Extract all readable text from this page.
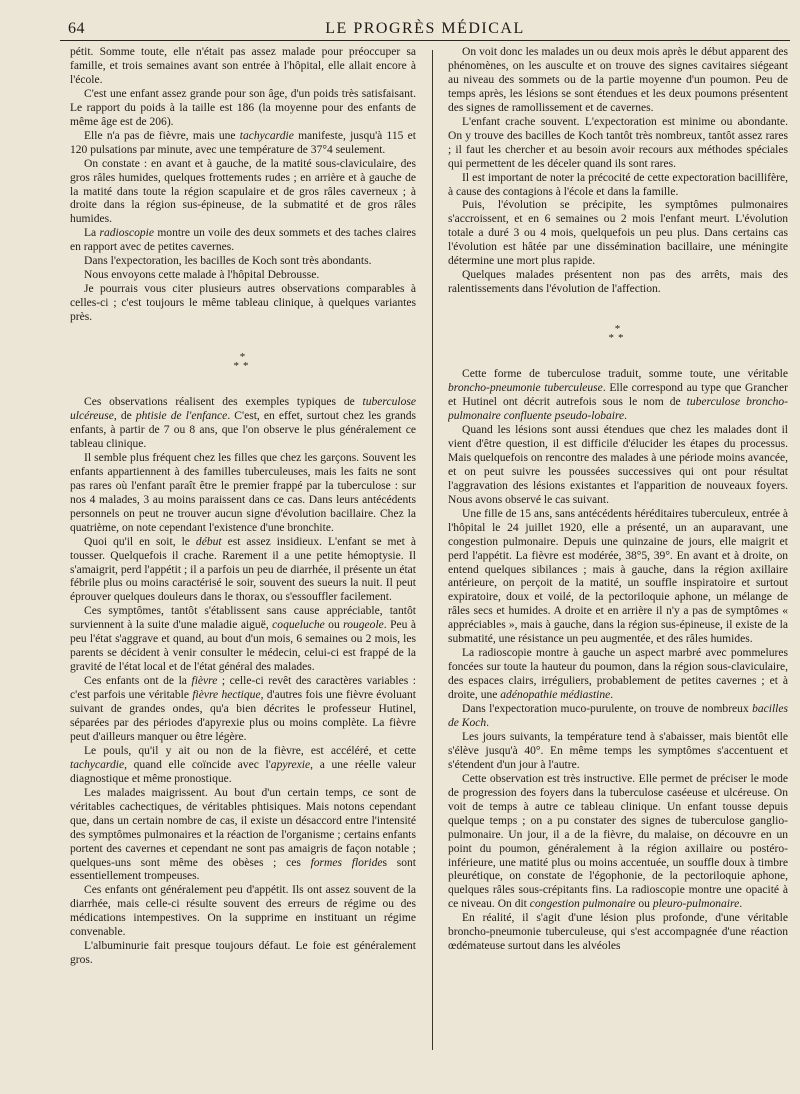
64	LE PROGRÈS MÉDICAL

pétit. Somme toute, elle n'était pas assez malade pour préoccuper sa famille, et trois semaines avant son entrée à l'hôpital, elle allait encore à l'école.

C'est une enfant assez grande pour son âge, d'un poids très satisfaisant. Le rapport du poids à la taille est 186 (la moyenne pour des enfants de même âge est de 206).

Elle n'a pas de fièvre, mais une tachycardie manifeste, jusqu'à 115 et 120 pulsations par minute, avec une température de 37°4 seulement.

On constate : en avant et à gauche, de la matité sous-claviculaire, des gros râles humides, quelques frottements rudes ; en arrière et à gauche de la matité dans toute la région scapulaire et de gros râles caverneux ; à droite dans la région sus-épineuse, de la submatité et de gros râles humides.

La radioscopie montre un voile des deux sommets et des taches claires en rapport avec de petites cavernes.

Dans l'expectoration, les bacilles de Koch sont très abondants.

Nous envoyons cette malade à l'hôpital Debrousse.

Je pourrais vous citer plusieurs autres observations comparables à celles-ci ; c'est toujours le même tableau clinique, à quelques variantes près.

*
**

Ces observations réalisent des exemples typiques de tuberculose ulcéreuse, de phtisie de l'enfance. C'est, en effet, surtout chez les grands enfants, à partir de 7 ou 8 ans, que l'on observe le plus généralement ce tableau clinique.

Il semble plus fréquent chez les filles que chez les garçons. Souvent les enfants appartiennent à des familles tuberculeuses, mais les faits ne sont pas rares où l'enfant paraît être le premier frappé par la tuberculose : sur nos 4 malades, 3 au moins paraissent dans ce cas. Dans leurs antécédents personnels on peut ne trouver aucun signe d'évolution bacillaire. Chez la quatrième, on note cependant l'existence d'une bronchite.

Quoi qu'il en soit, le début est assez insidieux. L'enfant se met à tousser. Quelquefois il crache. Rarement il a une petite hémoptysie. Il s'amaigrit, perd l'appétit ; il a parfois un peu de diarrhée, il présente un état fébrile plus ou moins caractérisé le soir, souvent des sueurs la nuit. Il peut éprouver quelques douleurs dans le thorax, ou s'essouffler facilement.

Ces symptômes, tantôt s'établissent sans cause appréciable, tantôt surviennent à la suite d'une maladie aiguë, coqueluche ou rougeole. Peu à peu l'état s'aggrave et quand, au bout d'un mois, 6 semaines ou 2 mois, les parents se décident à venir consulter le médecin, celui-ci est frappé de la gravité de l'état local et de l'état général des malades.

Ces enfants ont de la fièvre ; celle-ci revêt des caractères variables : c'est parfois une véritable fièvre hectique, d'autres fois une fièvre évoluant suivant de grandes ondes, qu'a bien décrites le professeur Hutinel, séparées par des périodes d'apyrexie plus ou moins complète. La fièvre peut d'ailleurs manquer ou être légère.

Le pouls, qu'il y ait ou non de la fièvre, est accéléré, et cette tachycardie, quand elle coïncide avec l'apyrexie, a une réelle valeur diagnostique et même pronostique.

Les malades maigrissent. Au bout d'un certain temps, ce sont de véritables cachectiques, de véritables phtisiques. Mais notons cependant que, dans un certain nombre de cas, il existe un désaccord entre l'intensité des symptômes pulmonaires et la réaction de l'organisme ; certains enfants portent des cavernes et cependant ne sont pas amaigris de façon notable ; quelques-uns sont même des obèses ; ces formes florides sont essentiellement trompeuses.

Ces enfants ont généralement peu d'appétit. Ils ont assez souvent de la diarrhée, mais celle-ci résulte souvent des erreurs de régime ou des médications intempestives. On la supprime en instituant un régime convenable.

L'albuminurie fait presque toujours défaut. Le foie est généralement gros.

On voit donc les malades un ou deux mois après le début apparent des phénomènes, on les ausculte et on trouve des signes cavitaires siégeant au niveau des sommets ou de la partie moyenne d'un poumon. Peu de temps après, les lésions se sont étendues et les deux poumons présentent des signes de ramollissement et de cavernes.

L'enfant crache souvent. L'expectoration est minime ou abondante. On y trouve des bacilles de Koch tantôt très nombreux, tantôt assez rares ; il faut les chercher et au besoin avoir recours aux méthodes spéciales qui permettent de les déceler quand ils sont rares.

Il est important de noter la précocité de cette expectoration bacillifère, à cause des contagions à l'école et dans la famille.

Puis, l'évolution se précipite, les symptômes pulmonaires s'accroissent, et en 6 semaines ou 2 mois l'enfant meurt. L'évolution totale a duré 3 ou 4 mois, quelquefois un peu plus. Dans certains cas l'évolution est hâtée par une dissémination bacillaire, une méningite détermine une mort plus rapide.

Quelques malades présentent non pas des arrêts, mais des ralentissements dans l'évolution de l'affection.

*
**

Cette forme de tuberculose traduit, somme toute, une véritable broncho-pneumonie tuberculeuse. Elle correspond au type que Grancher et Hutinel ont décrit autrefois sous le nom de tuberculose broncho-pulmonaire confluente pseudo-lobaire.

Quand les lésions sont aussi étendues que chez les malades dont il vient d'être question, il est difficile d'élucider les étapes du processus. Mais quelquefois on rencontre des malades à une période moins avancée, et on peut suivre les poussées successives qui ont pour résultat l'aggravation des lésions existantes et l'apparition de nouveaux foyers. Nous avons observé le cas suivant.

Une fille de 15 ans, sans antécédents héréditaires tuberculeux, entrée à l'hôpital le 24 juillet 1920, elle a présenté, un an auparavant, une congestion pulmonaire. Depuis une quinzaine de jours, elle maigrit et perd l'appétit. La fièvre est modérée, 38°5, 39°. En avant et à droite, on entend quelques sibilances ; mais à gauche, dans la région axillaire antérieure, on perçoit de la matité, un souffle inspiratoire et surtout expiratoire, doux et voilé, de la pectoriloquie aphone, un mélange de râles secs et humides. A droite et en arrière il n'y a pas de symptômes « appréciables », mais à gauche, dans la région sus-épineuse, il existe de la submatité, une résistance un peu augmentée, et des râles humides.

La radioscopie montre à gauche un aspect marbré avec pommelures foncées sur toute la hauteur du poumon, dans la région sous-claviculaire, des espaces clairs, irréguliers, probablement de petites cavernes ; et à droite, une adénopathie médiastine.

Dans l'expectoration muco-purulente, on trouve de nombreux bacilles de Koch.

Les jours suivants, la température tend à s'abaisser, mais bientôt elle s'élève jusqu'à 40°. En même temps les symptômes s'accentuent et s'étendent d'un jour à l'autre.

Cette observation est très instructive. Elle permet de préciser le mode de progression des foyers dans la tuberculose caséeuse et ulcéreuse. On voit de temps à autre ce tableau clinique. Un enfant tousse depuis quelque temps ; on a pu constater des signes de tuberculose ganglio-pulmonaire. Un jour, il a de la fièvre, du malaise, on découvre en un point du poumon, généralement à la région axillaire ou postéro-inférieure, une matité plus ou moins accentuée, un souffle doux à timbre pleurétique, on constate de l'égophonie, de la pectoriloquie aphone, quelques râles sous-crépitants fins. La radioscopie montre une opacité à ce niveau. On dit congestion pulmonaire ou pleuro-pulmonaire.

En réalité, il s'agit d'une lésion plus profonde, d'une véritable broncho-pneumonie tuberculeuse, qui s'est accompagnée d'une réaction œdémateuse surtout dans les alvéoles
